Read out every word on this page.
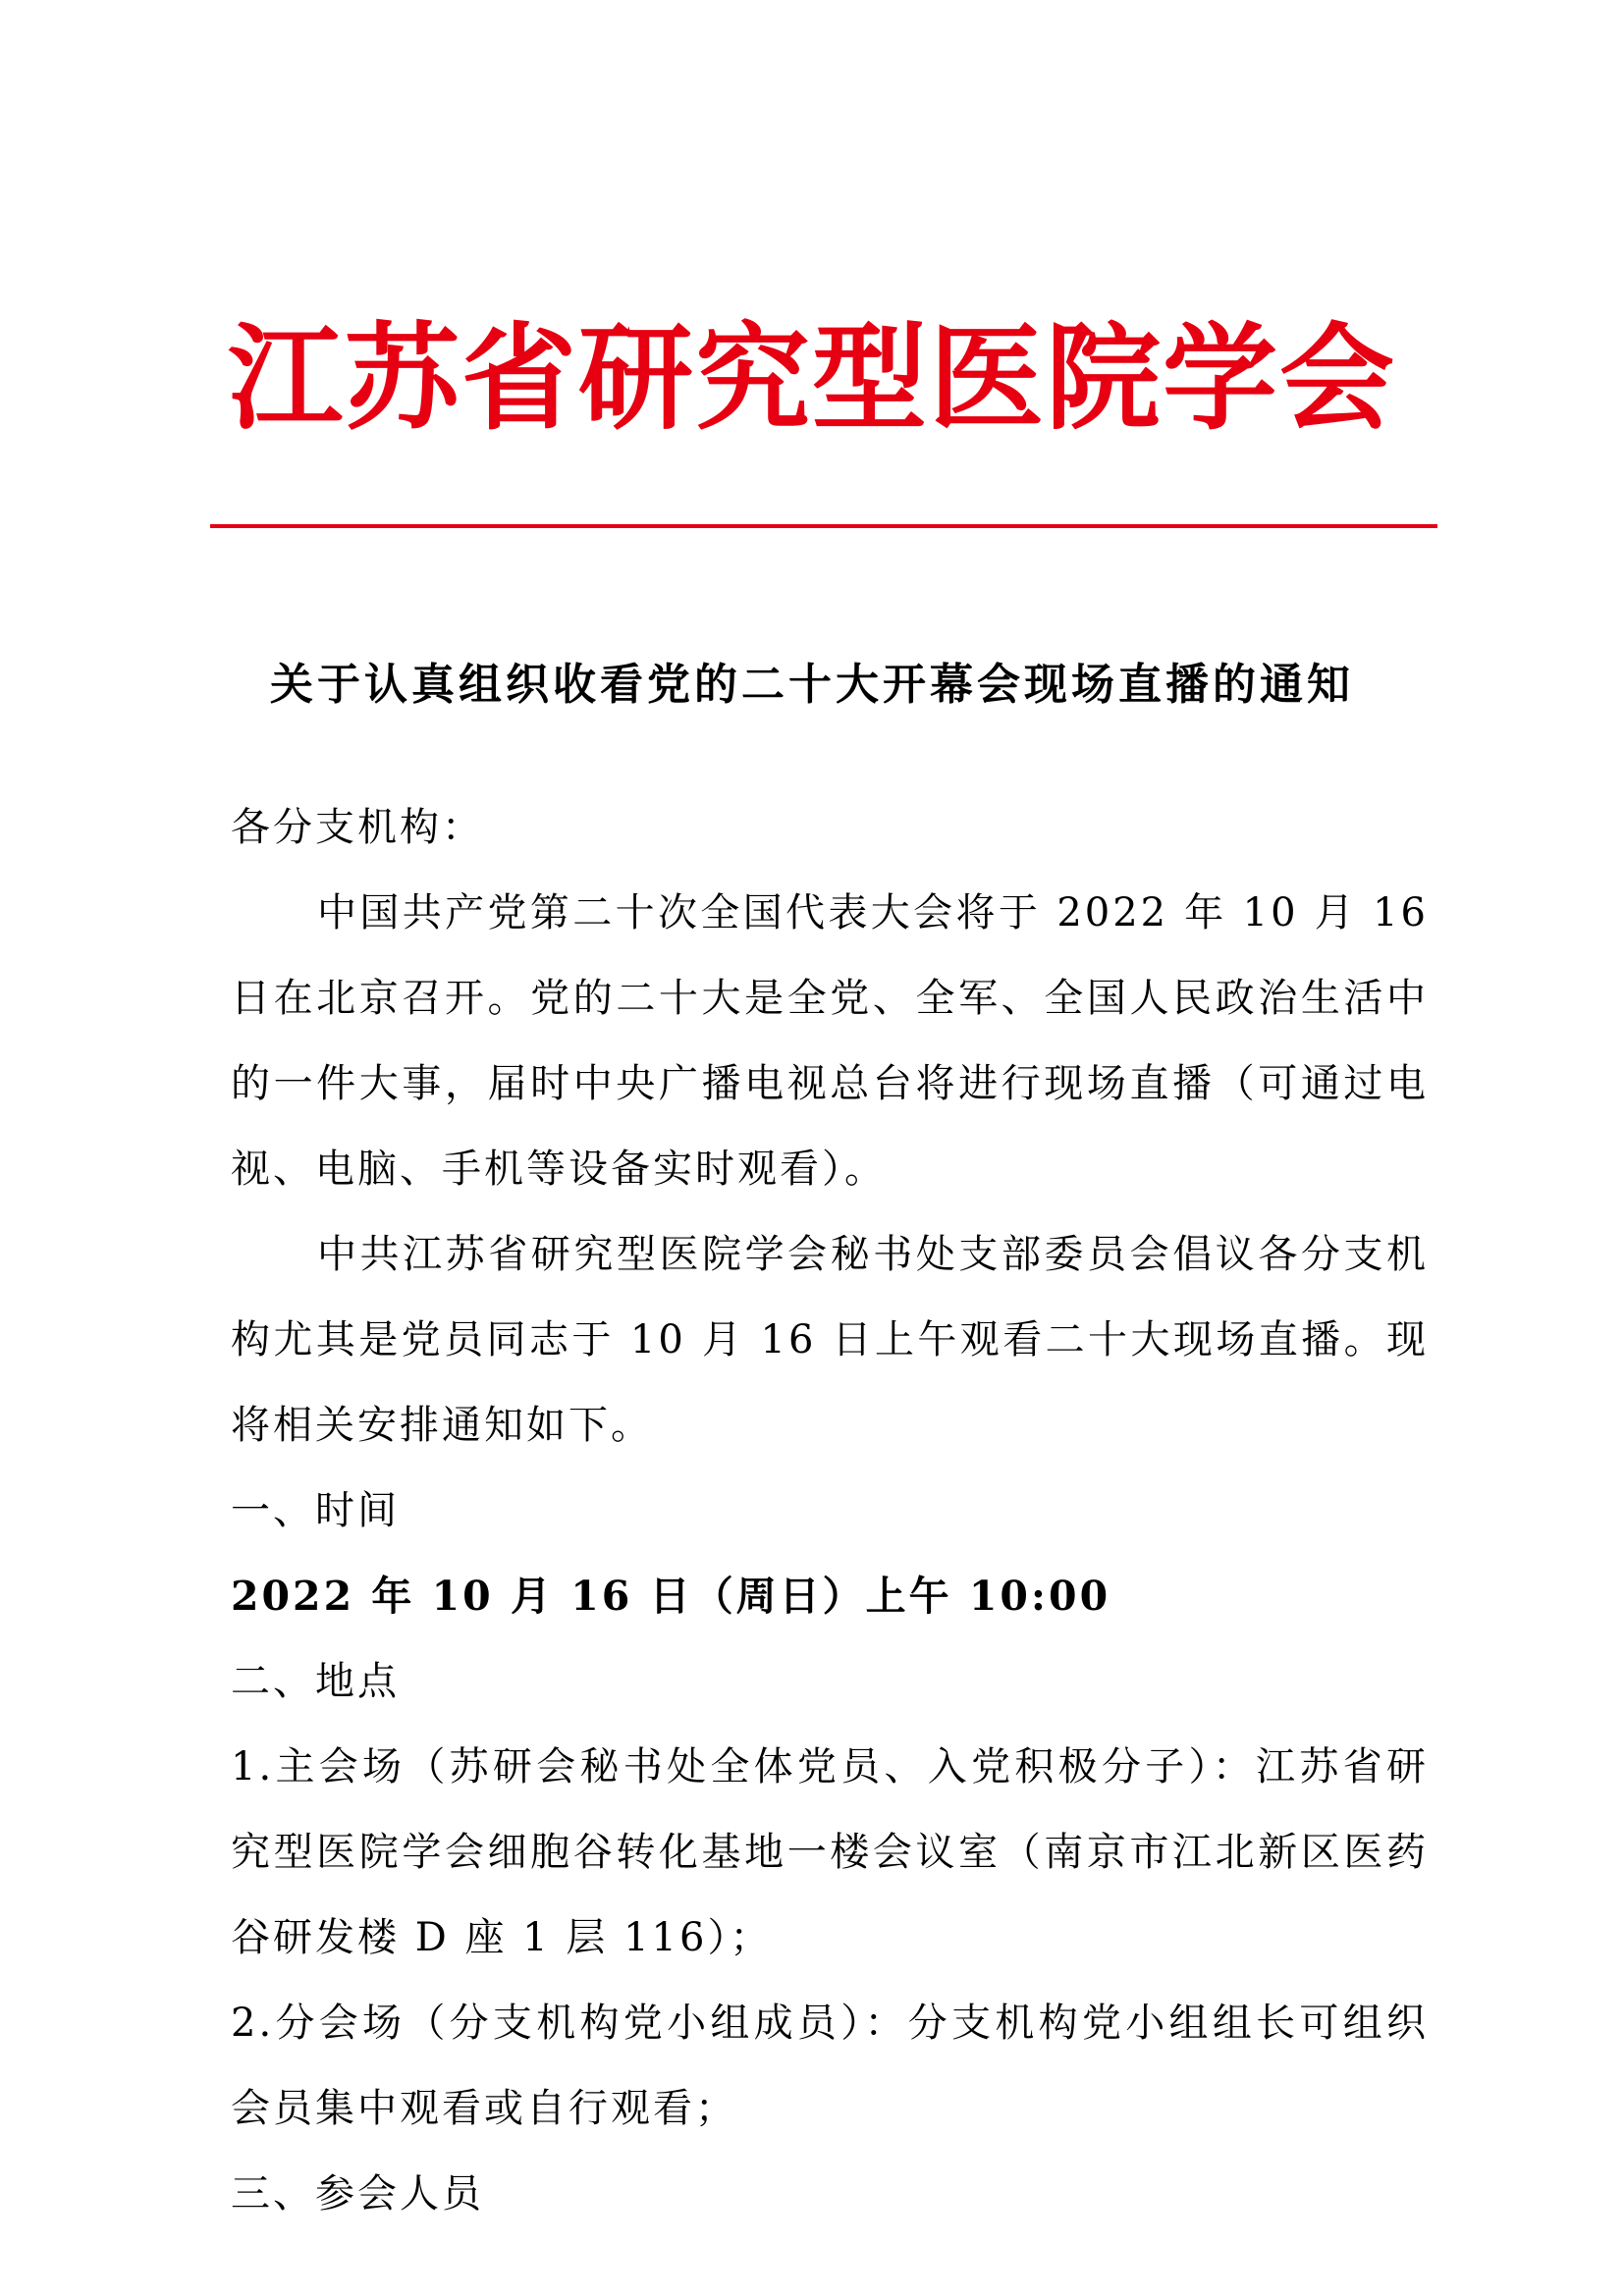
江苏省研究型医院学会
关于认真组织收看党的二十大开幕会现场直播的通知

各分支机构：

中国共产党第二十次全国代表大会将于 2022 年 10 月 16 日在北京召开。党的二十大是全党、全军、全国人民政治生活中的一件大事，届时中央广播电视总台将进行现场直播（可通过电视、电脑、手机等设备实时观看）。

中共江苏省研究型医院学会秘书处支部委员会倡议各分支机构尤其是党员同志于 10 月 16 日上午观看二十大现场直播。现将相关安排通知如下。

一、时间

2022 年 10 月 16 日（周日）上午 10:00

二、地点

1.主会场（苏研会秘书处全体党员、入党积极分子）：江苏省研究型医院学会细胞谷转化基地一楼会议室（南京市江北新区医药谷研发楼 D 座 1 层 116）；

2.分会场（分支机构党小组成员）：分支机构党小组组长可组织会员集中观看或自行观看；

三、参会人员
